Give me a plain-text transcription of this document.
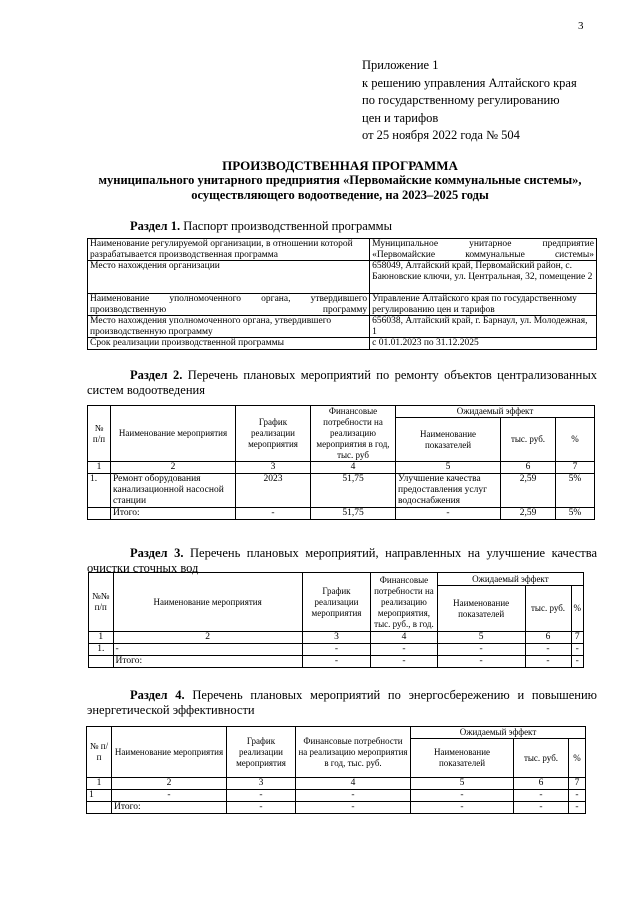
3
Приложение 1
к решению управления Алтайского края
по государственному регулированию
цен и тарифов
от 25 ноября 2022 года № 504
ПРОИЗВОДСТВЕННАЯ ПРОГРАММА
муниципального унитарного предприятия «Первомайские коммунальные системы»,
осуществляющего водоотведение, на 2023–2025 годы
Раздел 1. Паспорт производственной программы
Наименование регулируемой организации, в отношении которой разрабатывается производственная программа	Муниципальное унитарное предприятие «Первомайские коммунальные системы»
Место нахождения организации	658049, Алтайский край, Первомайский район, с. Баюновские ключи, ул. Центральная, 32, помещение 2
Наименование уполномоченного органа, утвердившего производственную программу	Управление Алтайского края по государственному регулированию цен и тарифов
Место нахождения уполномоченного органа, утвердившего производственную программу	656038, Алтайский край, г. Барнаул, ул. Молодежная, 1
Срок реализации производственной программы	с 01.01.2023 по 31.12.2025
Раздел 2. Перечень плановых мероприятий по ремонту объектов централизованных
систем водоотведения
№ п/п	Наименование мероприятия	График реализации мероприятия	Финансовые потребности на реализацию мероприятия в год, тыс. руб	Ожидаемый эффект		
				Наименование показателей	тыс. руб.	%
1	2	3	4	5	6	7
1.	Ремонт оборудования канализационной насосной станции	2023	51,75	Улучшение качества предоставления услуг водоснабжения	2,59	5%
	Итого:	-	51,75	-	2,59	5%
Раздел 3. Перечень плановых мероприятий, направленных на улучшение качества
очистки сточных вод
№№ п/п	Наименование мероприятия	График реализации мероприятия	Финансовые потребности на реализацию мероприятия, тыс. руб., в год.	Ожидаемый эффект		
				Наименование показателей	тыс. руб.	%
1	2	3	4	5	6	7
1.	-	-	-	-	-	-
	Итого:	-	-	-	-	-
Раздел 4. Перечень плановых мероприятий по энергосбережению и повышению
энергетической эффективности
№ п/п	Наименование мероприятия	График реализации мероприятия	Финансовые потребности на реализацию мероприятия в год, тыс. руб.	Ожидаемый эффект		
				Наименование показателей	тыс. руб.	%
1	2	3	4	5	6	7
1	-	-	-	-	-	-
	Итого:	-	-	-	-	-
